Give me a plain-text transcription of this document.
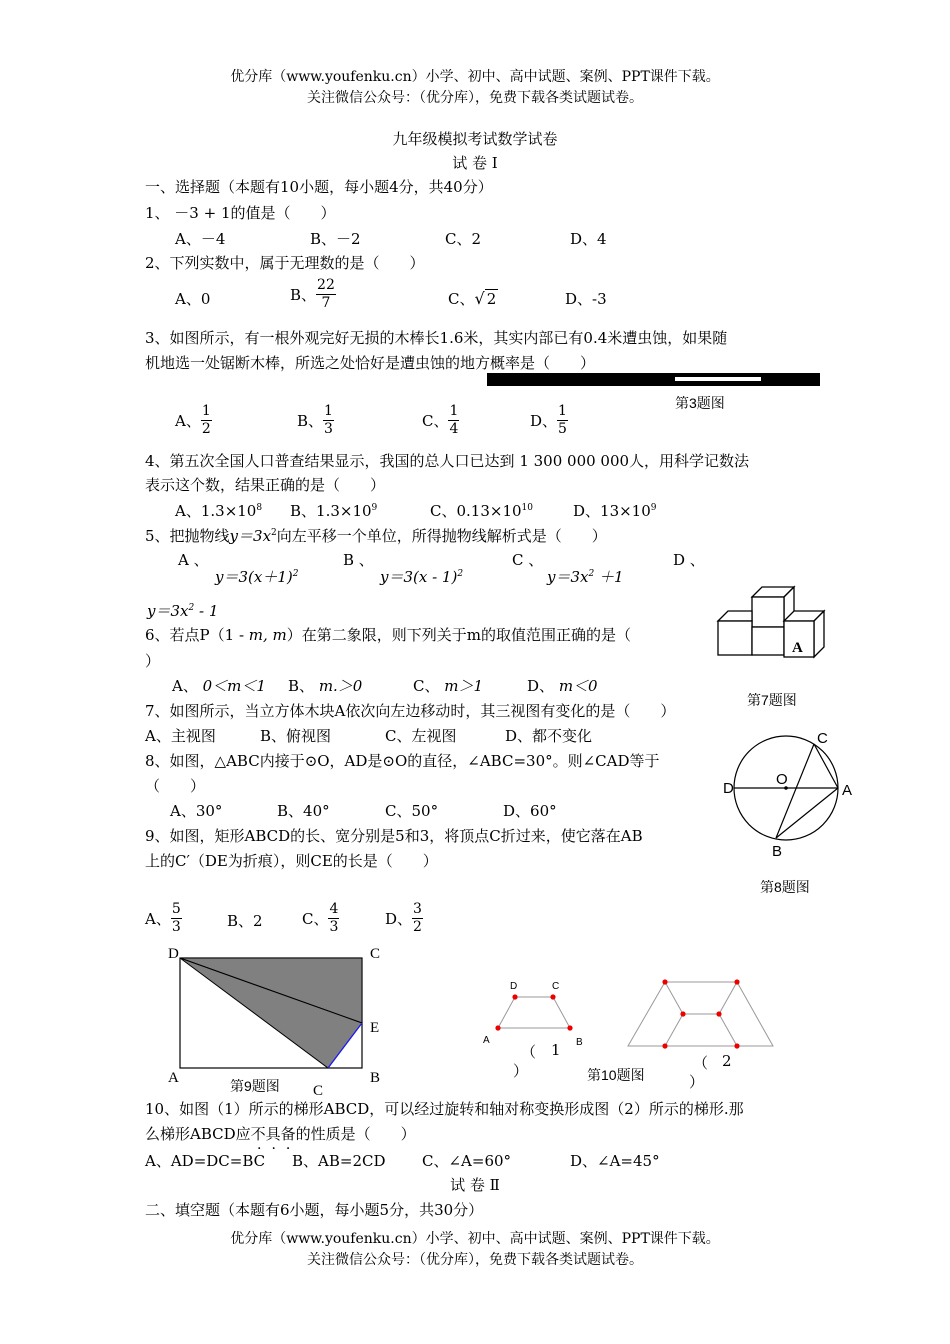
优分库（www.youfenku.cn）小学、初中、高中试题、案例、PPT课件下载。
关注微信公众号：（优分库），免费下载各类试题试卷。
九年级模拟考试数学试卷
试 卷 Ⅰ
一、选择题（本题有10小题，每小题4分，共40分）
1、 －3 + 1的值是（　　）
A、－4	B、－2	C、2	D、4
2、下列实数中，属于无理数的是（　　）
A、0	B、 $\frac{22}{7}$	C、√ 2	D、-3
3、如图所示，有一根外观完好无损的木棒长1.6米，其实内部已有0.4米遭虫蚀，如果随
机地选一处锯断木棒，所选之处恰好是遭虫蚀的地方概率是（　　）
第3题图
A、 $\frac{1}{2}$	B、 $\frac{1}{3}$	C、 $\frac{1}{4}$	D、 $\frac{1}{5}$
4、第五次全国人口普查结果显示，我国的总人口已达到 1 300 000 000人，用科学记数法
表示这个数，结果正确的是（　　）
A、$1.3\times 10^8$ B、$1.3\times 10^9$	C、$0.13\times 10^{10}$	D、$13\times 10^9$
5、把抛物线$y=3x^2$向左平移一个单位，所得抛物线解析式是（　　）
A 、	B 、	C 、	D 、
$y=3(x+1)^2$	y＝3(x - 1)$^2$	$y=3x^2 +1$
$y=3x^2 - 1$
A
6、若点P（1 - m, m）在第二象限，则下列关于m的取值范围正确的是（
）
A、 0＜m＜1 B、 m.＞0	C、 m＞1	D、 m＜0
第7题图
7、如图所示，当立方体木块A依次向左边移动时，其三视图有变化的是（　　）
A、主视图	B、俯视图	C、左视图	D、都不变化
8、如图，△ABC内接于⊙O，AD是⊙O的直径，∠ABC=30°。则∠CAD等于
（　　）
A、30°	B、40°	C、50°	D、60°
C
O
D	A
B
9、如图，矩形ABCD的长、宽分别是5和3，将顶点C折过来，使它落在AB
上的C′（DE为折痕），则CE的长是（　　）
第8题图
A、 $\frac{5}{3}$	B、2	C、 $\frac{4}{3}$	D、 $\frac{3}{2}$
D	C
E
A	B
C
第9题图
D	C
A	B
（ 1
）	（ 2
）
第10题图
10、如图（1）所示的梯形ABCD，可以经过旋转和轴对称变换形成图（2）所示的梯形.那
么梯形ABCD应不具备的性质是（　　）
···
A、AD=DC=BC B、AB=2CD C、∠A=60°	D、∠A=45°
试 卷 Ⅱ
二、填空题（本题有6小题，每小题5分，共30分）
优分库（www.youfenku.cn）小学、初中、高中试题、案例、PPT课件下载。
关注微信公众号：（优分库），免费下载各类试题试卷。
